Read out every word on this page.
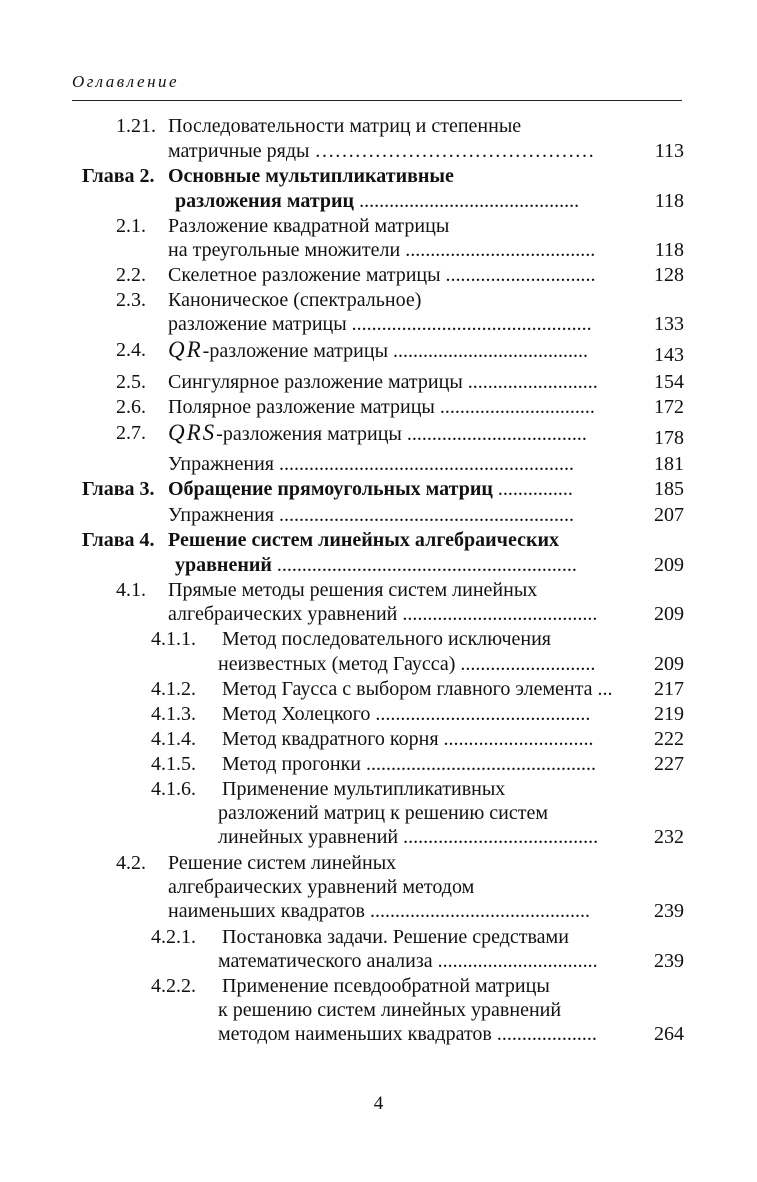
Оглавление
1.21. Последовательности матриц и степенные
матричные ряды ……………………………………	113
Глава 2. Основные мультипликативные
разложения матриц ............................................	118
2.1. Разложение квадратной матрицы
на треугольные множители ......................................	118
2.2. Скелетное разложение матрицы ..............................	128
2.3. Каноническое (спектральное)
разложение матрицы ................................................	133
2.4. QR-разложение матрицы .......................................	143
2.5. Сингулярное разложение матрицы ..........................	154
2.6. Полярное разложение матрицы ...............................	172
2.7. QRS-разложения матрицы ....................................	178
Упражнения ...........................................................	181
Глава 3. Обращение прямоугольных матриц ...............	185
Упражнения ...........................................................	207
Глава 4. Решение систем линейных алгебраических
уравнений ............................................................	209
4.1. Прямые методы решения систем линейных
алгебраических уравнений .......................................	209
4.1.1. Метод последовательного исключения
неизвестных (метод Гаусса) ...........................	209
4.1.2. Метод Гаусса с выбором главного элемента ... 217
4.1.3. Метод Холецкого ...........................................	219
4.1.4. Метод квадратного корня ..............................	222
4.1.5. Метод прогонки ..............................................	227
4.1.6. Применение мультипликативных
разложений матриц к решению систем
линейных уравнений .......................................	232
4.2. Решение систем линейных
алгебраических уравнений методом
наименьших квадратов ............................................	239
4.2.1. Постановка задачи. Решение средствами
математического анализа ................................	239
4.2.2. Применение псевдообратной матрицы
к решению систем линейных уравнений
методом наименьших квадратов ....................	264
4
